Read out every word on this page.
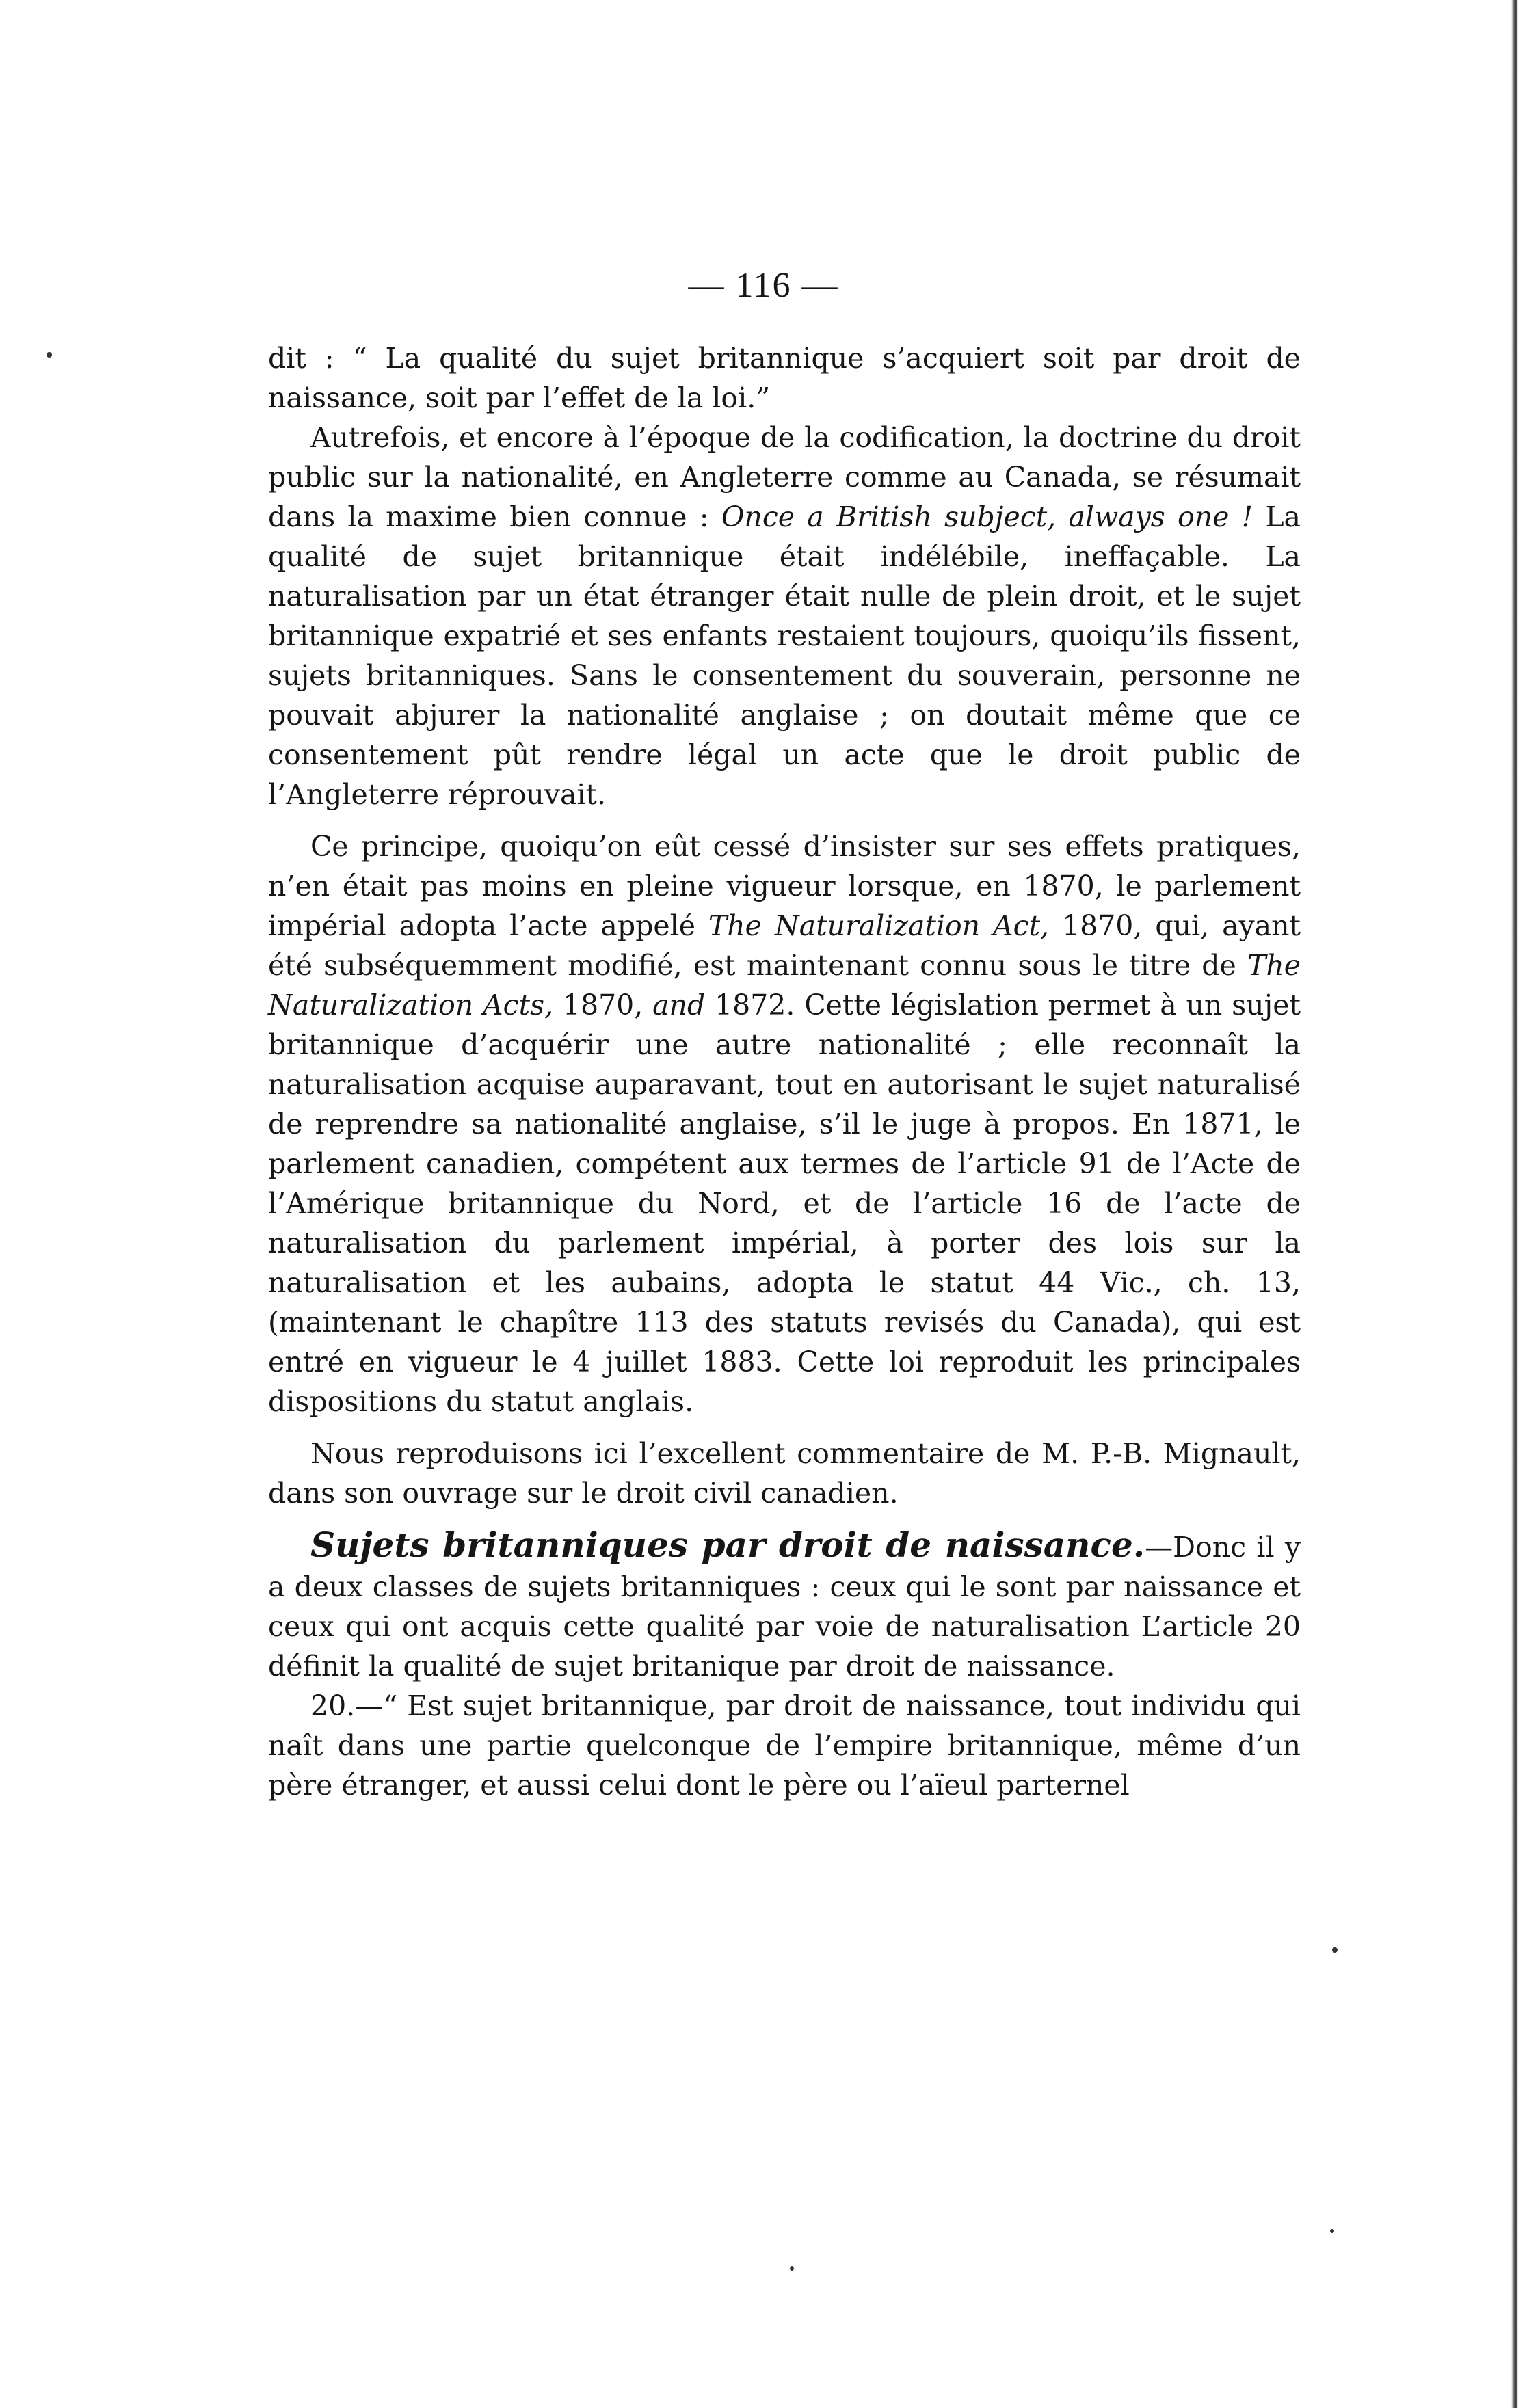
— 116 —

dit : “ La qualité du sujet britannique s’acquiert soit par droit de naissance, soit par l’effet de la loi.”

Autrefois, et encore à l’époque de la codification, la doctrine du droit public sur la nationalité, en Angleterre comme au Canada, se résumait dans la maxime bien connue : Once a British subject, always one ! La qualité de sujet britannique était indélébile, ineffaçable. La naturalisation par un état étranger était nulle de plein droit, et le sujet britannique expatrié et ses enfants restaient toujours, quoiqu’ils fissent, sujets britanniques. Sans le consentement du souverain, personne ne pouvait abjurer la nationalité anglaise ; on doutait même que ce consentement pût rendre légal un acte que le droit public de l’Angleterre réprouvait.

Ce principe, quoiqu’on eût cessé d’insister sur ses effets pratiques, n’en était pas moins en pleine vigueur lorsque, en 1870, le parlement impérial adopta l’acte appelé The Naturalization Act, 1870, qui, ayant été subséquemment modifié, est maintenant connu sous le titre de The Naturalization Acts, 1870, and 1872. Cette législation permet à un sujet britannique d’acquérir une autre nationalité ; elle reconnaît la naturalisation acquise auparavant, tout en autorisant le sujet naturalisé de reprendre sa nationalité anglaise, s’il le juge à propos. En 1871, le parlement canadien, compétent aux termes de l’article 91 de l’Acte de l’Amérique britannique du Nord, et de l’article 16 de l’acte de naturalisation du parlement impérial, à porter des lois sur la naturalisation et les aubains, adopta le statut 44 Vic., ch. 13, (maintenant le chapître 113 des statuts revisés du Canada), qui est entré en vigueur le 4 juillet 1883. Cette loi reproduit les principales dispositions du statut anglais.

Nous reproduisons ici l’excellent commentaire de M. P.-B. Mignault, dans son ouvrage sur le droit civil canadien.

Sujets britanniques par droit de naissance.—Donc il y a deux classes de sujets britanniques : ceux qui le sont par naissance et ceux qui ont acquis cette qualité par voie de naturalisation L’article 20 définit la qualité de sujet britanique par droit de naissance.

20.—“ Est sujet britannique, par droit de naissance, tout individu qui naît dans une partie quelconque de l’empire britannique, même d’un père étranger, et aussi celui dont le père ou l’aïeul parternel
